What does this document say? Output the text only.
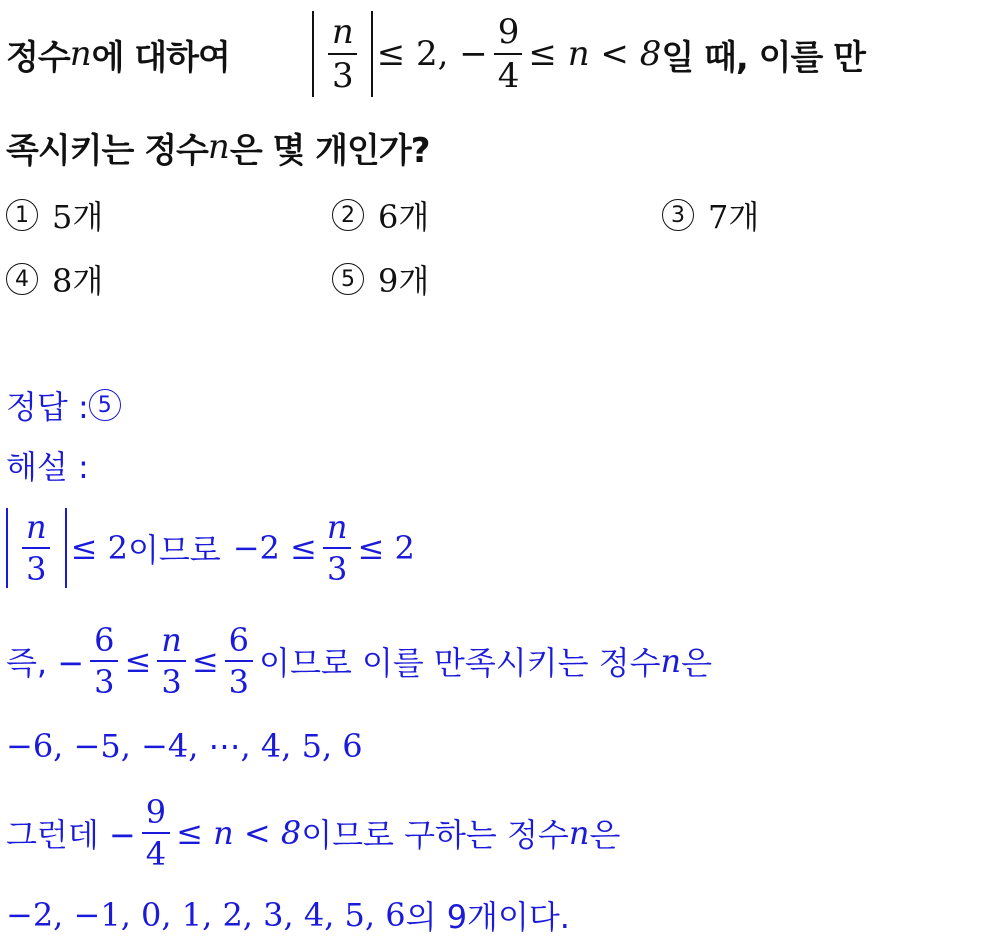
정수 n 에 대하여	$\frac{n}{3} \le 2$, − $\frac{9}{4} \le n < 8$ 일 때, 이를 만
족시키는 정수 n 은 몇 개인가?
1 5개	2 6개	3 7개
4 8개	5 9개
정답 : 5
해설 :
$\frac{n}{3} \le 2$ 이므로 $-2 \le \frac{n}{3} \le 2$
즉, − $\frac{6}{3} \le \frac{n}{3} \le \frac{6}{3}$ 이므로 이를 만족시키는 정수 n 은
−6, −5, −4, ⋯, 4, 5, 6
그런데 − $\frac{9}{4} \le n < 8$ 이므로 구하는 정수 n 은
−2, −1, 0, 1, 2, 3, 4, 5, 6 의 9개이다.
